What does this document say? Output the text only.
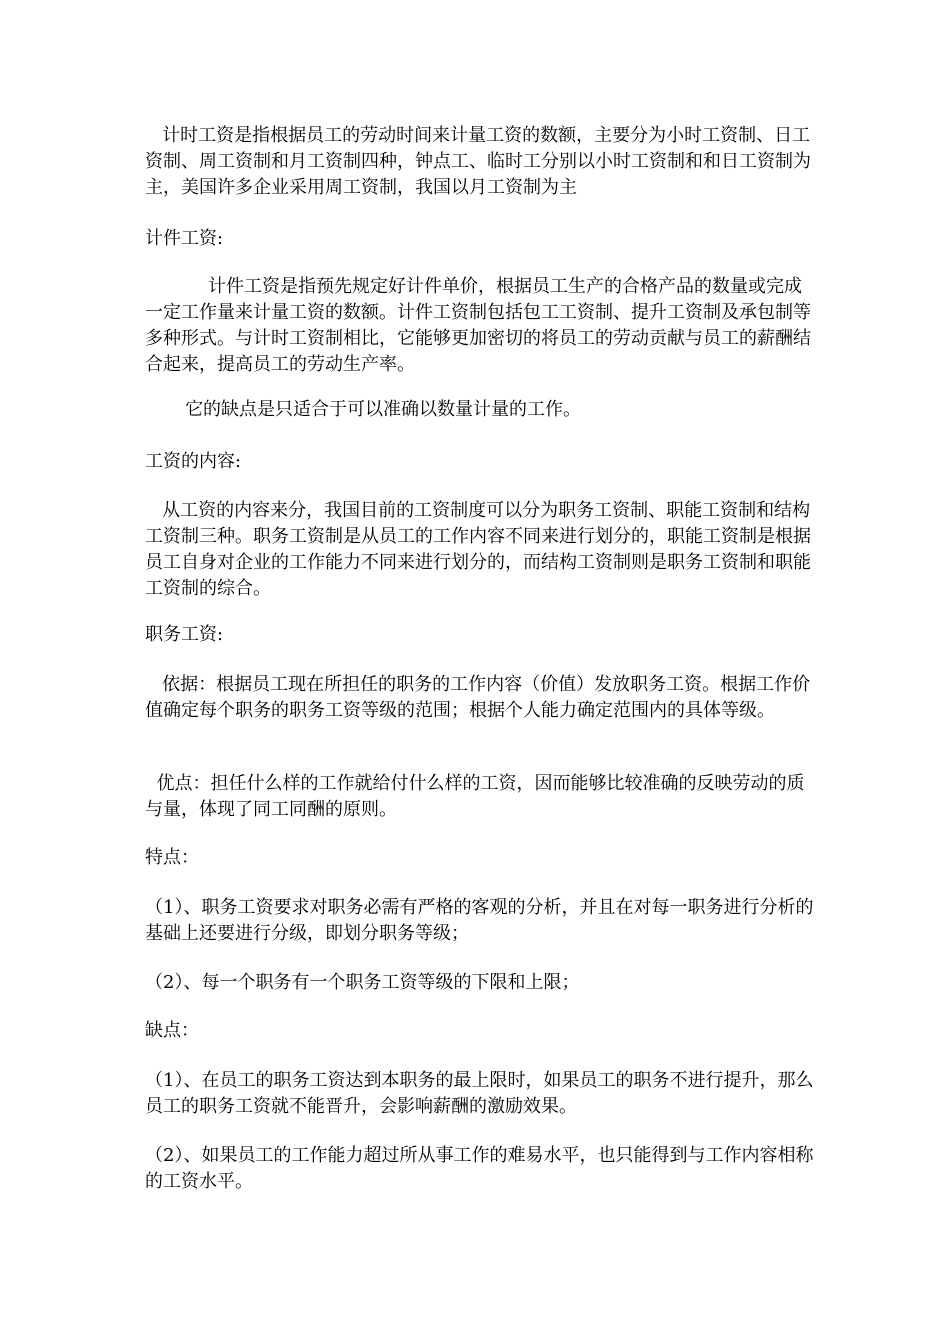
计时工资是指根据员工的劳动时间来计量工资的数额，主要分为小时工资制、日工资制、周工资制和月工资制四种，钟点工、临时工分别以小时工资制和和日工资制为主，美国许多企业采用周工资制，我国以月工资制为主

计件工资:

计件工资是指预先规定好计件单价，根据员工生产的合格产品的数量或完成一定工作量来计量工资的数额。计件工资制包括包工工资制、提升工资制及承包制等多种形式。与计时工资制相比，它能够更加密切的将员工的劳动贡献与员工的薪酬结合起来，提高员工的劳动生产率。

它的缺点是只适合于可以准确以数量计量的工作。

工资的内容:

从工资的内容来分，我国目前的工资制度可以分为职务工资制、职能工资制和结构工资制三种。职务工资制是从员工的工作内容不同来进行划分的，职能工资制是根据员工自身对企业的工作能力不同来进行划分的，而结构工资制则是职务工资制和职能工资制的综合。

职务工资:

依据：根据员工现在所担任的职务的工作内容（价值）发放职务工资。根据工作价值确定每个职务的职务工资等级的范围；根据个人能力确定范围内的具体等级。

优点：担任什么样的工作就给付什么样的工资，因而能够比较准确的反映劳动的质与量，体现了同工同酬的原则。

特点：

（1）、职务工资要求对职务必需有严格的客观的分析，并且在对每一职务进行分析的基础上还要进行分级，即划分职务等级；

（2）、每一个职务有一个职务工资等级的下限和上限；

缺点：

（1）、在员工的职务工资达到本职务的最上限时，如果员工的职务不进行提升，那么员工的职务工资就不能晋升，会影响薪酬的激励效果。

（2）、如果员工的工作能力超过所从事工作的难易水平，也只能得到与工作内容相称的工资水平。
